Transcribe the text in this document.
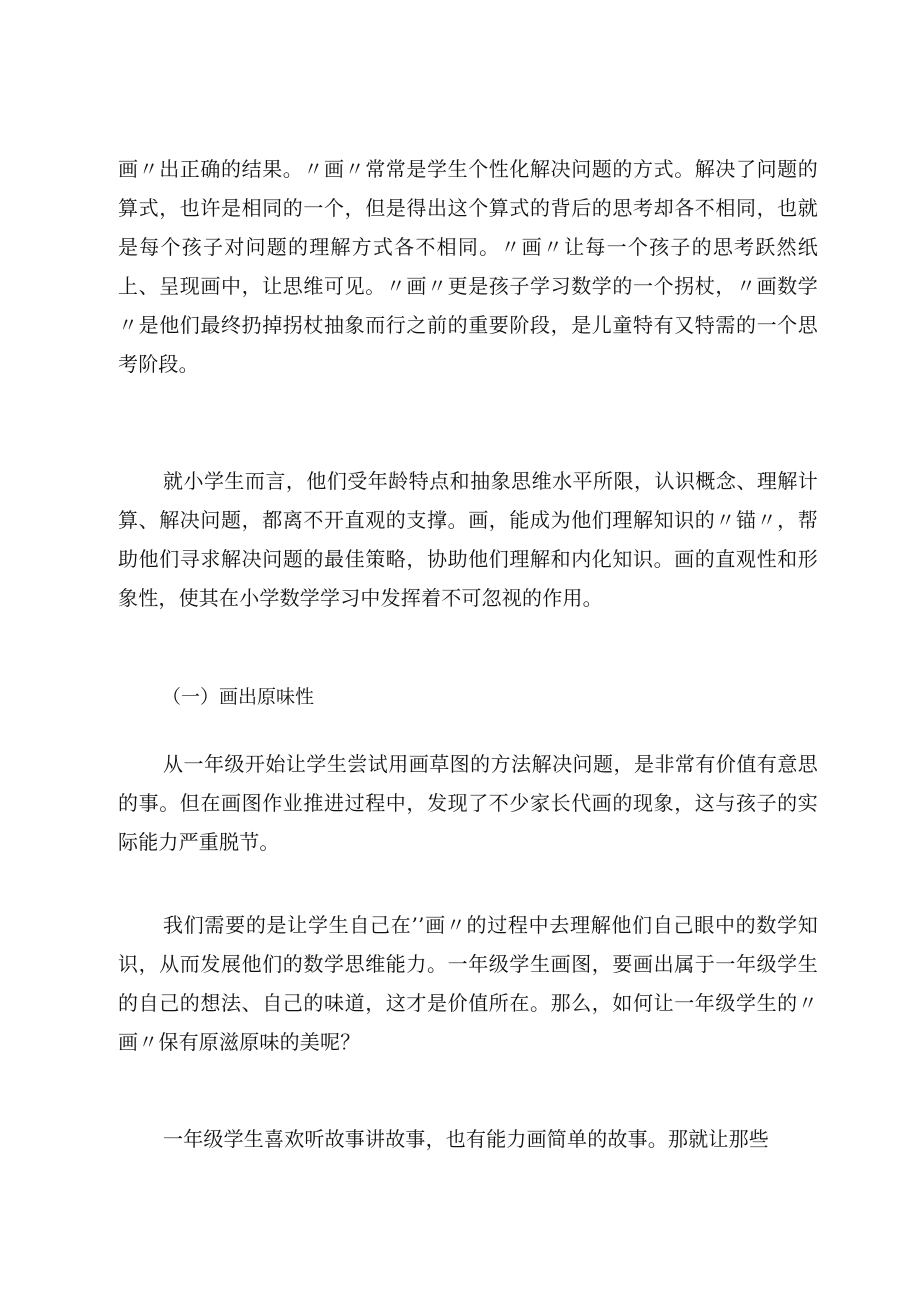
画〃出正确的结果。〃画〃常常是学生个性化解决问题的方式。解决了问题的算式，也许是相同的一个，但是得出这个算式的背后的思考却各不相同，也就是每个孩子对问题的理解方式各不相同。〃画〃让每一个孩子的思考跃然纸上、呈现画中，让思维可见。〃画〃更是孩子学习数学的一个拐杖，〃画数学〃是他们最终扔掉拐杖抽象而行之前的重要阶段，是儿童特有又特需的一个思考阶段。

就小学生而言，他们受年龄特点和抽象思维水平所限，认识概念、理解计算、解决问题，都离不开直观的支撑。画，能成为他们理解知识的〃锚〃，帮助他们寻求解决问题的最佳策略，协助他们理解和内化知识。画的直观性和形象性，使其在小学数学学习中发挥着不可忽视的作用。

（一）画出原味性

从一年级开始让学生尝试用画草图的方法解决问题，是非常有价值有意思的事。但在画图作业推进过程中，发现了不少家长代画的现象，这与孩子的实际能力严重脱节。

我们需要的是让学生自己在’’画〃的过程中去理解他们自己眼中的数学知识，从而发展他们的数学思维能力。一年级学生画图，要画出属于一年级学生的自己的想法、自己的味道，这才是价值所在。那么，如何让一年级学生的〃画〃保有原滋原味的美呢？

一年级学生喜欢听故事讲故事，也有能力画简单的故事。那就让那些
